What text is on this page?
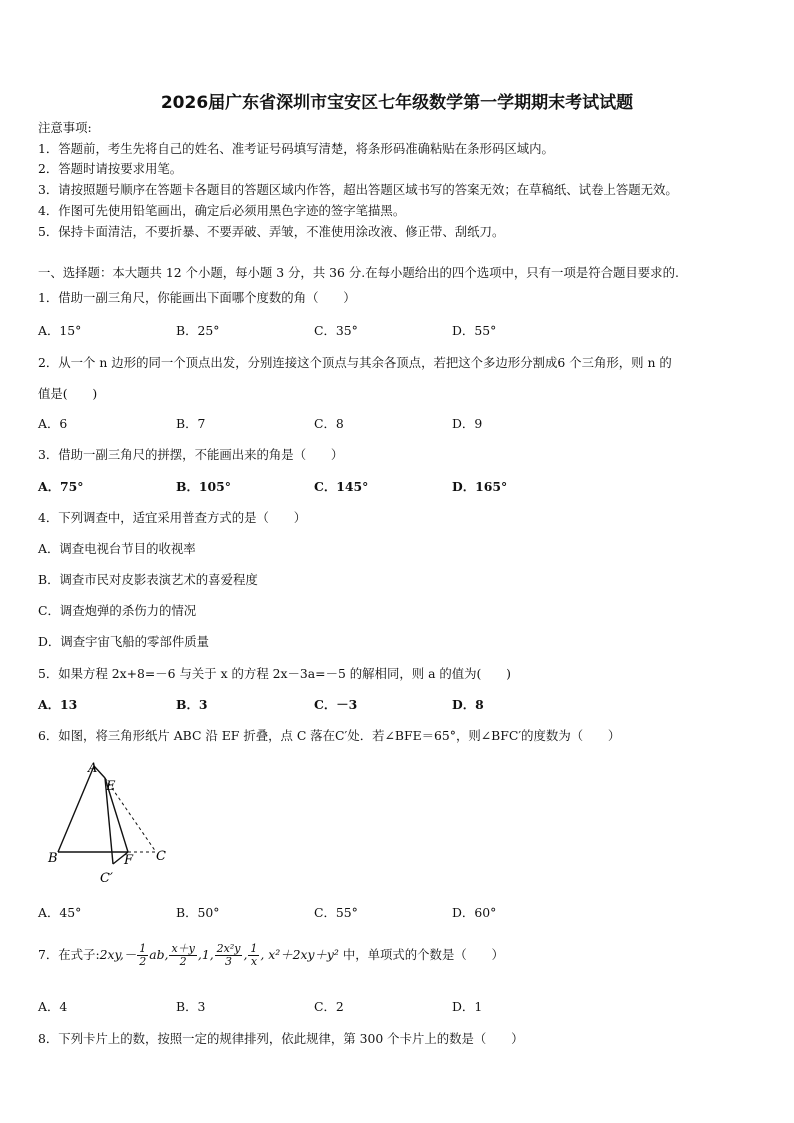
2026届广东省深圳市宝安区七年级数学第一学期期末考试试题
注意事项:
1．答题前，考生先将自己的姓名、准考证号码填写清楚，将条形码准确粘贴在条形码区域内。
2．答题时请按要求用笔。
3．请按照题号顺序在答题卡各题目的答题区域内作答，超出答题区域书写的答案无效；在草稿纸、试卷上答题无效。
4．作图可先使用铅笔画出，确定后必须用黑色字迹的签字笔描黑。
5．保持卡面清洁，不要折暴、不要弄破、弄皱，不准使用涂改液、修正带、刮纸刀。
一、选择题：本大题共 12 个小题，每小题 3 分，共 36 分.在每小题给出的四个选项中，只有一项是符合题目要求的.
1．借助一副三角尺，你能画出下面哪个度数的角（　　）
A．15°	B．25°	C．35°	D．55°
2．从一个 n 边形的同一个顶点出发，分别连接这个顶点与其余各顶点，若把这个多边形分割成6 个三角形，则 n 的
值是(　　)
A．6	B．7	C．8	D．9
3．借助一副三角尺的拼摆，不能画出来的角是（　　）
A．75°	B．105°	C．145°	D．165°
4．下列调查中，适宜采用普查方式的是（　　）
A．调查电视台节目的收视率
B．调查市民对皮影表演艺术的喜爱程度
C．调查炮弹的杀伤力的情况
D．调查宇宙飞船的零部件质量
5．如果方程 2x+8=－6 与关于 x 的方程 2x－3a=－5 的解相同，则 a 的值为(　　)
A．13	B．3	C．－3	D．8
6．如图，将三角形纸片 ABC 沿 EF 折叠，点 C 落在C′处．若∠BFE＝65°，则∠BFC′的度数为（　　）
A
E
B	F C
C′
A．45°	B．50°	C．55°	D．60°
7．在式子:2xy,－ $\frac{1}{2}$ ab, $\frac{x+y}{2} ,1$, $\frac{\text{2x²y}}{3}$ , $\frac{1}{x}$ , x²＋2xy＋y² 中，单项式的个数是（　　）
A．4	B．3	C．2	D．1
8．下列卡片上的数，按照一定的规律排列，依此规律，第 300 个卡片上的数是（　　）
